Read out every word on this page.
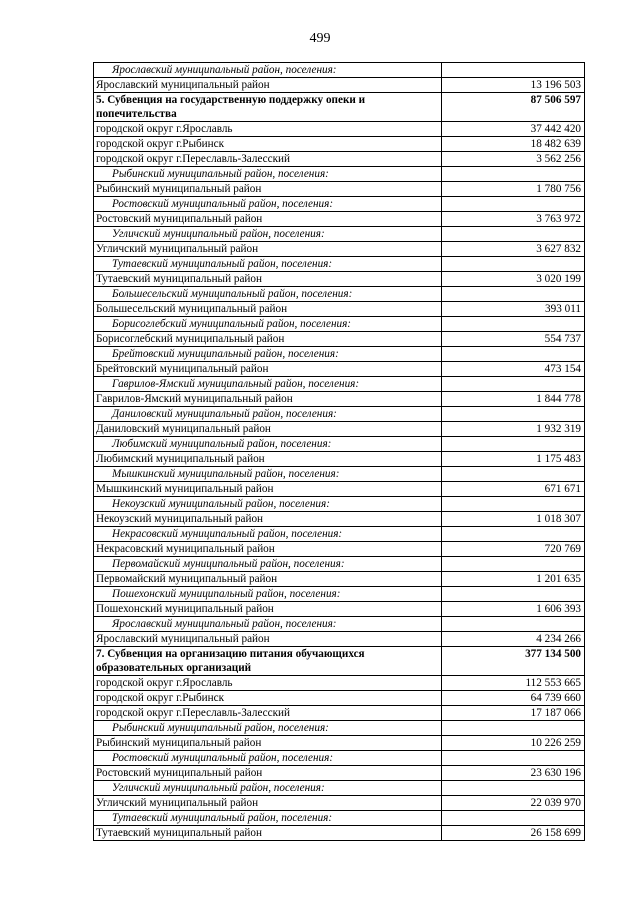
499
Ярославский муниципальный район, поселения:	
Ярославский муниципальный район	13 196 503
5. Субвенция на государственную поддержку опеки и попечительства	87 506 597
городской округ г.Ярославль	37 442 420
городской округ г.Рыбинск	18 482 639
городской округ г.Переславль-Залесский	3 562 256
Рыбинский муниципальный район, поселения:	
Рыбинский муниципальный район	1 780 756
Ростовский муниципальный район, поселения:	
Ростовский муниципальный район	3 763 972
Угличский муниципальный район, поселения:	
Угличский муниципальный район	3 627 832
Тутаевский муниципальный район, поселения:	
Тутаевский муниципальный район	3 020 199
Большесельский муниципальный район, поселения:	
Большесельский муниципальный район	393 011
Борисоглебский муниципальный район, поселения:	
Борисоглебский муниципальный район	554 737
Брейтовский муниципальный район, поселения:	
Брейтовский муниципальный район	473 154
Гаврилов-Ямский муниципальный район, поселения:	
Гаврилов-Ямский муниципальный район	1 844 778
Даниловский муниципальный район, поселения:	
Даниловский муниципальный район	1 932 319
Любимский муниципальный район, поселения:	
Любимский муниципальный район	1 175 483
Мышкинский муниципальный район, поселения:	
Мышкинский муниципальный район	671 671
Некоузский муниципальный район, поселения:	
Некоузский муниципальный район	1 018 307
Некрасовский муниципальный район, поселения:	
Некрасовский муниципальный район	720 769
Первомайский муниципальный район, поселения:	
Первомайский муниципальный район	1 201 635
Пошехонский муниципальный район, поселения:	
Пошехонский муниципальный район	1 606 393
Ярославский муниципальный район, поселения:	
Ярославский муниципальный район	4 234 266
7. Субвенция на организацию питания обучающихся образовательных организаций	377 134 500
городской округ г.Ярославль	112 553 665
городской округ г.Рыбинск	64 739 660
городской округ г.Переславль-Залесский	17 187 066
Рыбинский муниципальный район, поселения:	
Рыбинский муниципальный район	10 226 259
Ростовский муниципальный район, поселения:	
Ростовский муниципальный район	23 630 196
Угличский муниципальный район, поселения:	
Угличский муниципальный район	22 039 970
Тутаевский муниципальный район, поселения:	
Тутаевский муниципальный район	26 158 699
